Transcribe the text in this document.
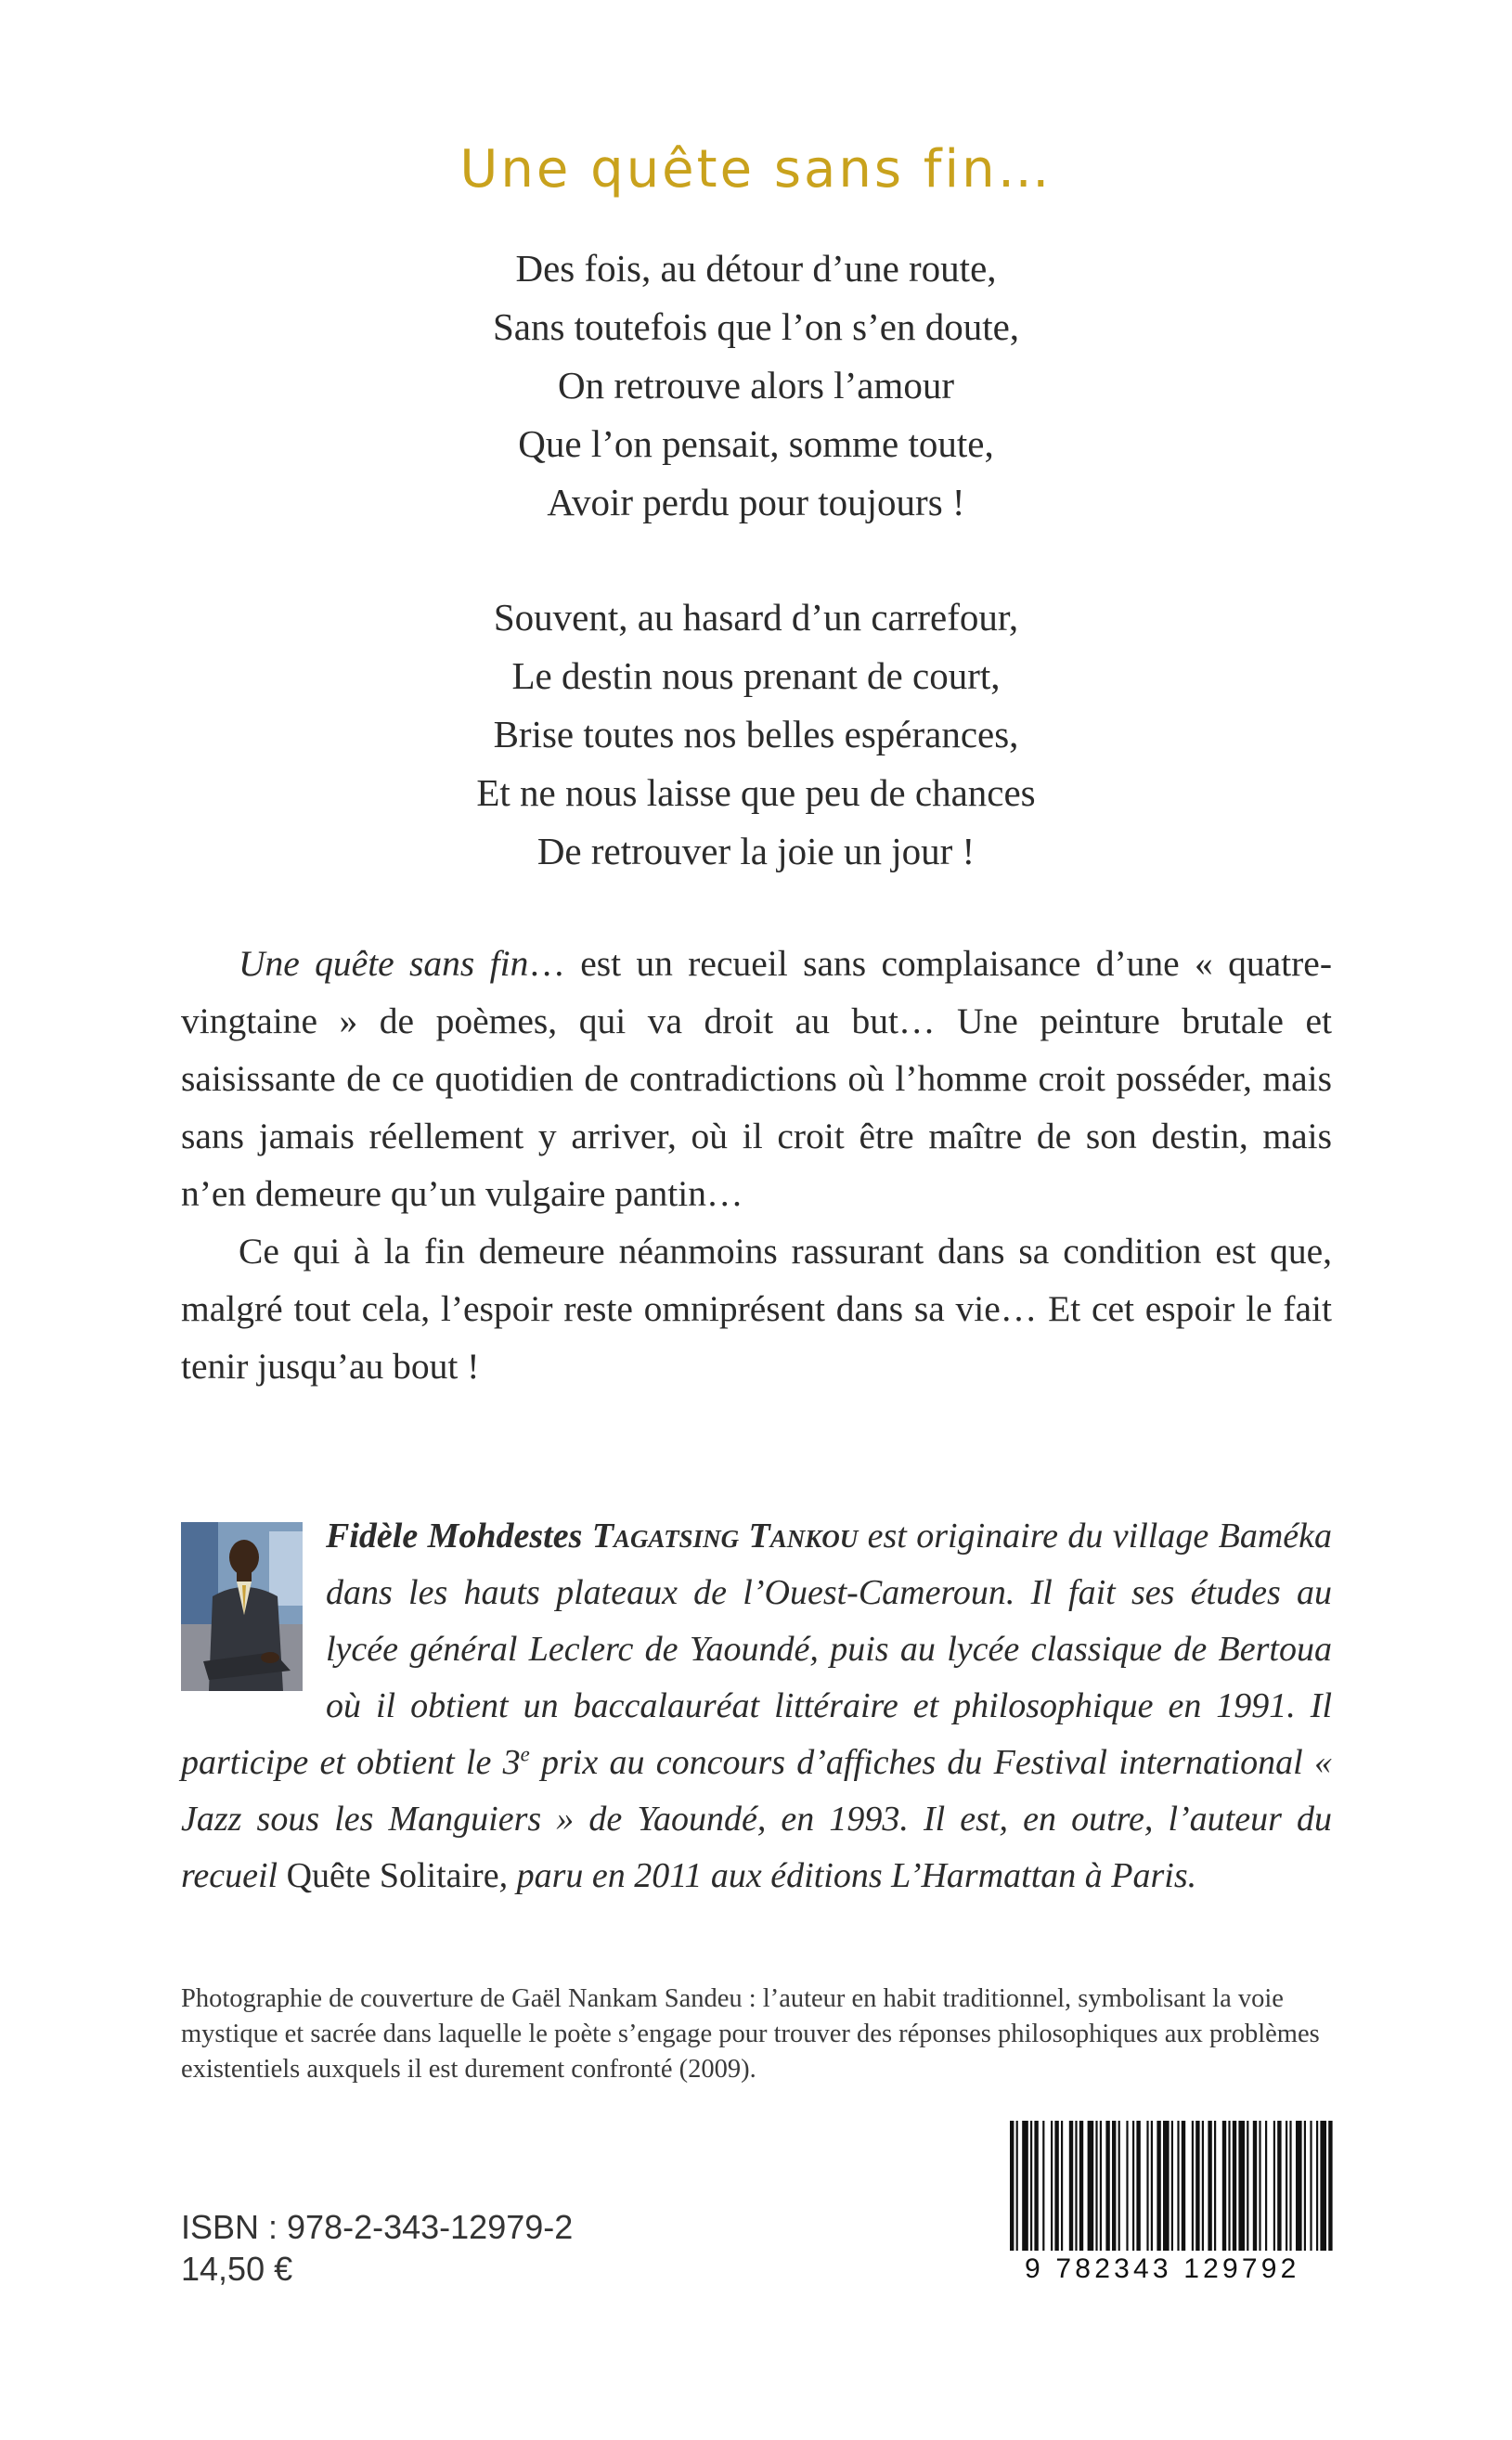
Une quête sans fin…
Des fois, au détour d’une route,
Sans toutefois que l’on s’en doute,
On retrouve alors l’amour
Que l’on pensait, somme toute,
Avoir perdu pour toujours !
Souvent, au hasard d’un carrefour,
Le destin nous prenant de court,
Brise toutes nos belles espérances,
Et ne nous laisse que peu de chances
De retrouver la joie un jour !

Une quête sans fin… est un recueil sans complaisance d’une « quatre-vingtaine » de poèmes, qui va droit au but… Une peinture brutale et saisissante de ce quotidien de contradictions où l’homme croit posséder, mais sans jamais réellement y arriver, où il croit être maître de son destin, mais n’en demeure qu’un vulgaire pantin…

Ce qui à la fin demeure néanmoins rassurant dans sa condition est que, malgré tout cela, l’espoir reste omniprésent dans sa vie… Et cet espoir le fait tenir jusqu’au bout !

Fidèle Mohdestes Tagatsing Tankou est originaire du village Baméka dans les hauts plateaux de l’Ouest-Cameroun. Il fait ses études au lycée général Leclerc de Yaoundé, puis au lycée classique de Bertoua où il obtient un baccalauréat littéraire et philosophique en 1991. Il participe et obtient le 3e prix au concours d’affiches du Festival international « Jazz sous les Manguiers » de Yaoundé, en 1993. Il est, en outre, l’auteur du recueil Quête Solitaire, paru en 2011 aux éditions L’Harmattan à Paris.
Photographie de couverture de Gaël Nankam Sandeu : l’auteur en habit traditionnel, symbolisant la voie mystique et sacrée dans laquelle le poète s’engage pour trouver des réponses philosophiques aux problèmes existentiels auxquels il est durement confronté (2009).
ISBN : 978-2-343-12979-2
14,50 €	9 782343 129792
